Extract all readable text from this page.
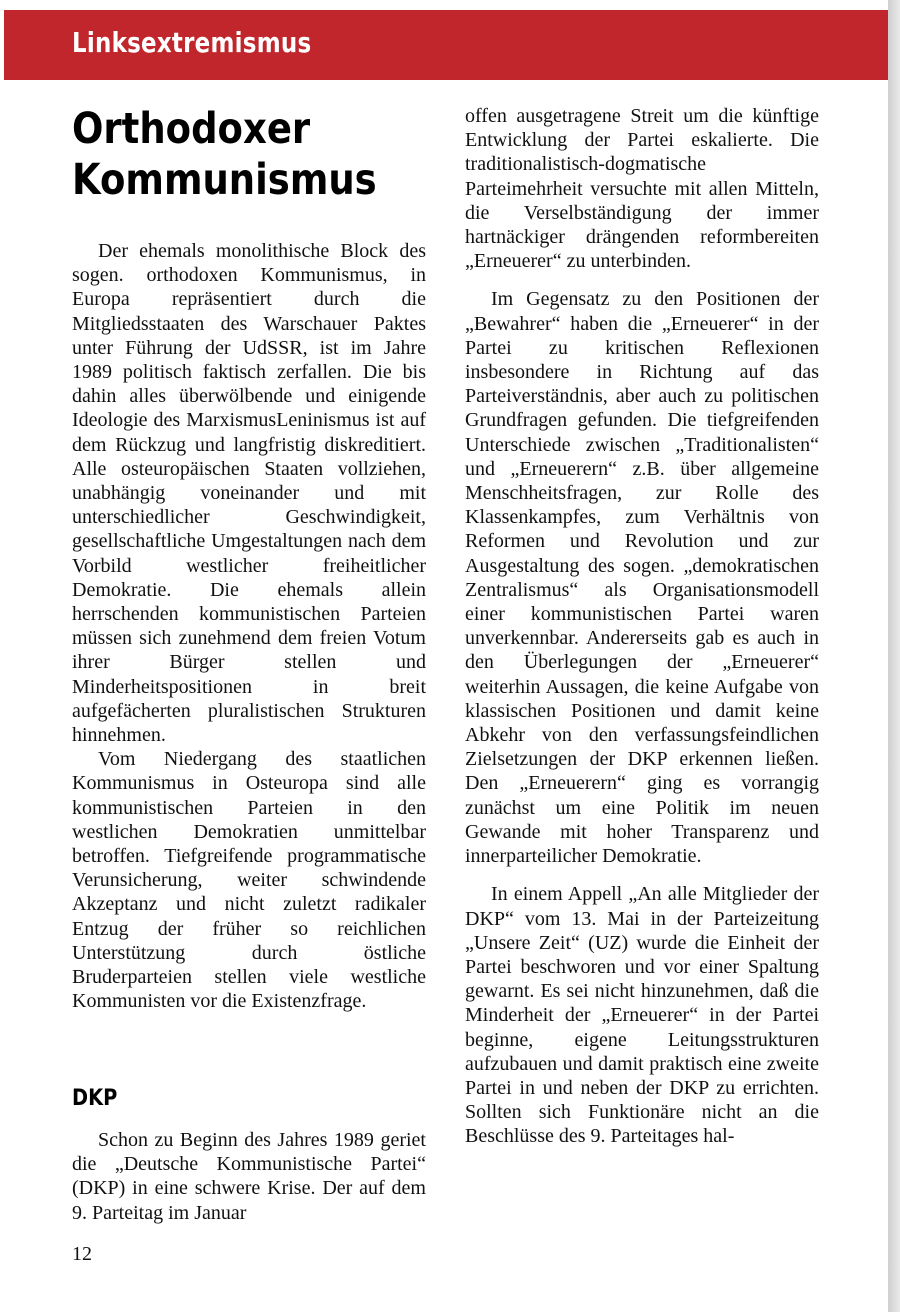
Linksextremismus
Orthodoxer Kommunismus

Der ehemals monolithische Block des sogen. orthodoxen Kommunismus, in Europa repräsentiert durch die Mitgliedsstaaten des Warschauer Paktes unter Führung der UdSSR, ist im Jahre 1989 politisch faktisch zerfallen. Die bis dahin alles überwölbende und einigende Ideologie des MarxismusLeninismus ist auf dem Rückzug und langfristig diskreditiert. Alle osteuropäischen Staaten vollziehen, unabhängig voneinander und mit unterschiedlicher Geschwindigkeit, gesellschaftliche Umgestaltungen nach dem Vorbild westlicher freiheitlicher Demokratie. Die ehemals allein herrschenden kommunistischen Parteien müssen sich zunehmend dem freien Votum ihrer Bürger stellen und Minderheitspositionen in breit aufgefächerten pluralistischen Strukturen hinnehmen.

Vom Niedergang des staatlichen Kommunismus in Osteuropa sind alle kommunistischen Parteien in den westlichen Demokratien unmittelbar betroffen. Tiefgreifende programmatische Verunsicherung, weiter schwindende Akzeptanz und nicht zuletzt radikaler Entzug der früher so reichlichen Unterstützung durch östliche Bruderparteien stellen viele westliche Kommunisten vor die Existenzfrage.

DKP

Schon zu Beginn des Jahres 1989 geriet die „Deutsche Kommunistische Partei“ (DKP) in eine schwere Krise. Der auf dem 9. Parteitag im Januar

offen ausgetragene Streit um die künftige Entwicklung der Partei eskalierte. Die traditionalistisch-dogmatische Parteimehrheit versuchte mit allen Mitteln, die Verselbständigung der immer hartnäckiger drängenden reformbereiten „Erneuerer“ zu unterbinden.

Im Gegensatz zu den Positionen der „Bewahrer“ haben die „Erneuerer“ in der Partei zu kritischen Reflexionen insbesondere in Richtung auf das Parteiverständnis, aber auch zu politischen Grundfragen gefunden. Die tiefgreifenden Unterschiede zwischen „Traditionalisten“ und „Erneuerern“ z.B. über allgemeine Menschheitsfragen, zur Rolle des Klassenkampfes, zum Verhältnis von Reformen und Revolution und zur Ausgestaltung des sogen. „demokratischen Zentralismus“ als Organisationsmodell einer kommunistischen Partei waren unverkennbar. Andererseits gab es auch in den Überlegungen der „Erneuerer“ weiterhin Aussagen, die keine Aufgabe von klassischen Positionen und damit keine Abkehr von den verfassungsfeindlichen Zielsetzungen der DKP erkennen ließen. Den „Erneuerern“ ging es vorrangig zunächst um eine Politik im neuen Gewande mit hoher Transparenz und innerparteilicher Demokratie.

In einem Appell „An alle Mitglieder der DKP“ vom 13. Mai in der Parteizeitung „Unsere Zeit“ (UZ) wurde die Einheit der Partei beschworen und vor einer Spaltung gewarnt. Es sei nicht hinzunehmen, daß die Minderheit der „Erneuerer“ in der Partei beginne, eigene Leitungsstrukturen aufzubauen und damit praktisch eine zweite Partei in und neben der DKP zu errichten. Sollten sich Funktionäre nicht an die Beschlüsse des 9. Parteitages hal-

12
